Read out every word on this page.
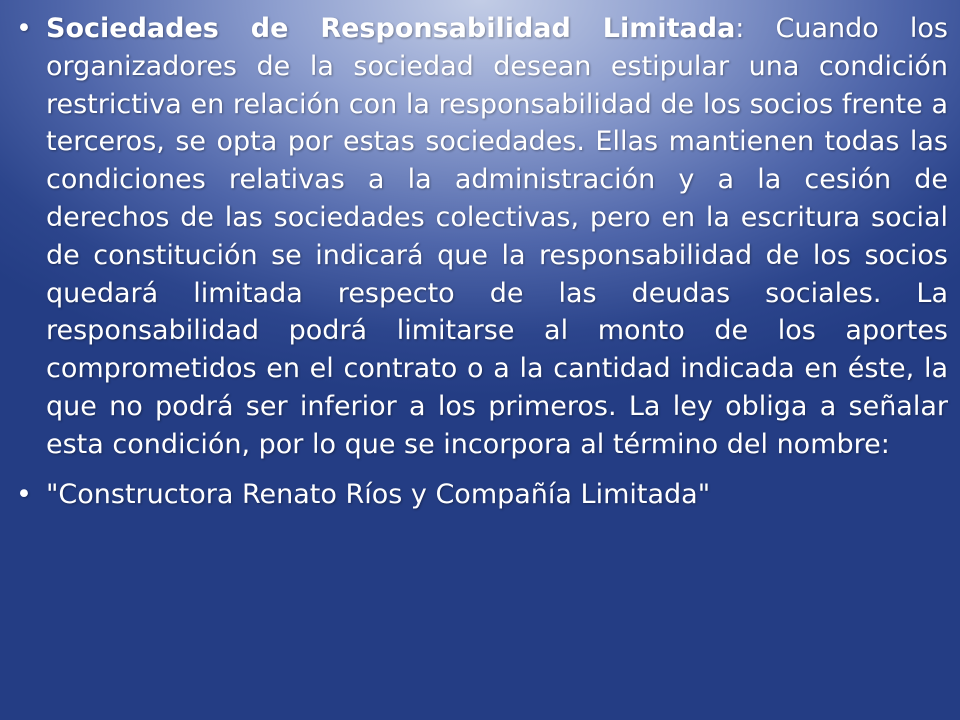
• Sociedades de Responsabilidad Limitada: Cuando los organizadores de la sociedad desean estipular una condición restrictiva en relación con la responsabilidad de los socios frente a terceros, se opta por estas sociedades. Ellas mantienen todas las condiciones relativas a la administración y a la cesión de derechos de las sociedades colectivas, pero en la escritura social de constitución se indicará que la responsabilidad de los socios quedará limitada respecto de las deudas sociales. La responsabilidad podrá limitarse al monto de los aportes comprometidos en el contrato o a la cantidad indicada en éste, la que no podrá ser inferior a los primeros. La ley obliga a señalar esta condición, por lo que se incorpora al término del nombre:
• "Constructora Renato Ríos y Compañía Limitada"
